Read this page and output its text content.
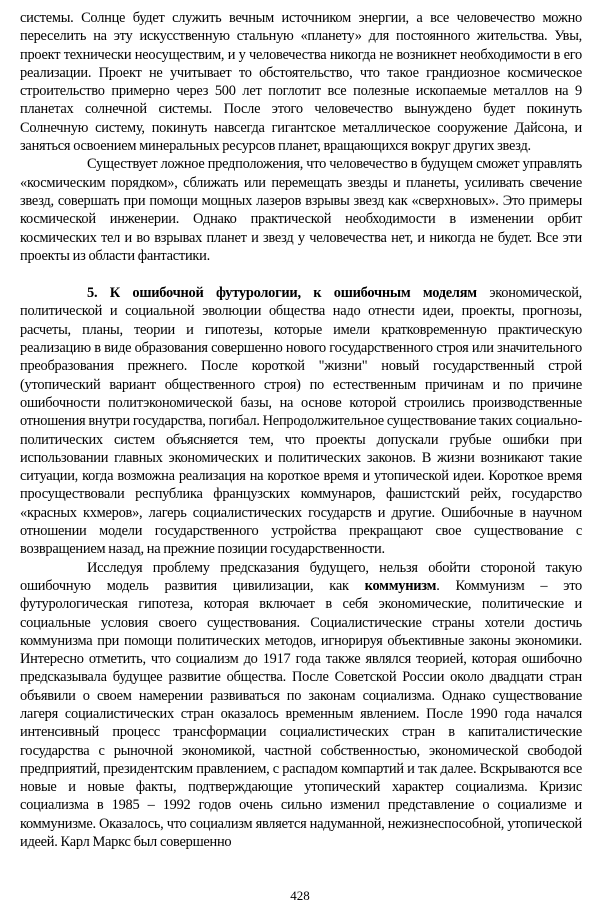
системы. Солнце будет служить вечным источником энергии, а все человечество можно переселить на эту искусственную стальную «планету» для постоянного жительства. Увы, проект технически неосуществим, и у человечества никогда не возникнет необходимости в его реализации. Проект не учитывает то обстоятельство, что такое грандиозное космическое строительство примерно через 500 лет поглотит все полезные ископаемые металлов на 9 планетах солнечной системы. После этого человечество вынуждено будет покинуть Солнечную систему, покинуть навсегда гигантское металлическое сооружение Дайсона, и заняться освоением минеральных ресурсов планет, вращающихся вокруг других звезд.

Существует ложное предположения, что человечество в будущем сможет управлять «космическим порядком», сближать или перемещать звезды и планеты, усиливать свечение звезд, совершать при помощи мощных лазеров взрывы звезд как «сверхновых». Это примеры космической инженерии. Однако практической необходимости в изменении орбит космических тел и во взрывах планет и звезд у человечества нет, и никогда не будет. Все эти проекты из области фантастики.

5. К ошибочной футурологии, к ошибочным моделям экономической, политической и социальной эволюции общества надо отнести идеи, проекты, прогнозы, расчеты, планы, теории и гипотезы, которые имели кратковременную практическую реализацию в виде образования совершенно нового государственного строя или значительного преобразования прежнего. После короткой "жизни" новый государственный строй (утопический вариант общественного строя) по естественным причинам и по причине ошибочности политэкономической базы, на основе которой строились производственные отношения внутри государства, погибал. Непродолжительное существование таких социально-политических систем объясняется тем, что проекты допускали грубые ошибки при использовании главных экономических и политических законов. В жизни возникают такие ситуации, когда возможна реализация на короткое время и утопической идеи. Короткое время просуществовали республика французских коммунаров, фашистский рейх, государство «красных кхмеров», лагерь социалистических государств и другие. Ошибочные в научном отношении модели государственного устройства прекращают свое существование с возвращением назад, на прежние позиции государственности.

Исследуя проблему предсказания будущего, нельзя обойти стороной такую ошибочную модель развития цивилизации, как коммунизм. Коммунизм – это футурологическая гипотеза, которая включает в себя экономические, политические и социальные условия своего существования. Социалистические страны хотели достичь коммунизма при помощи политических методов, игнорируя объективные законы экономики. Интересно отметить, что социализм до 1917 года также являлся теорией, которая ошибочно предсказывала будущее развитие общества. После Советской России около двадцати стран объявили о своем намерении развиваться по законам социализма. Однако существование лагеря социалистических стран оказалось временным явлением. После 1990 года начался интенсивный процесс трансформации социалистических стран в капиталистические государства с рыночной экономикой, частной собственностью, экономической свободой предприятий, президентским правлением, с распадом компартий и так далее. Вскрываются все новые и новые факты, подтверждающие утопический характер социализма. Кризис социализма в 1985 – 1992 годов очень сильно изменил представление о социализме и коммунизме. Оказалось, что социализм является надуманной, нежизнеспособной, утопической идеей. Карл Маркс был совершенно

428
